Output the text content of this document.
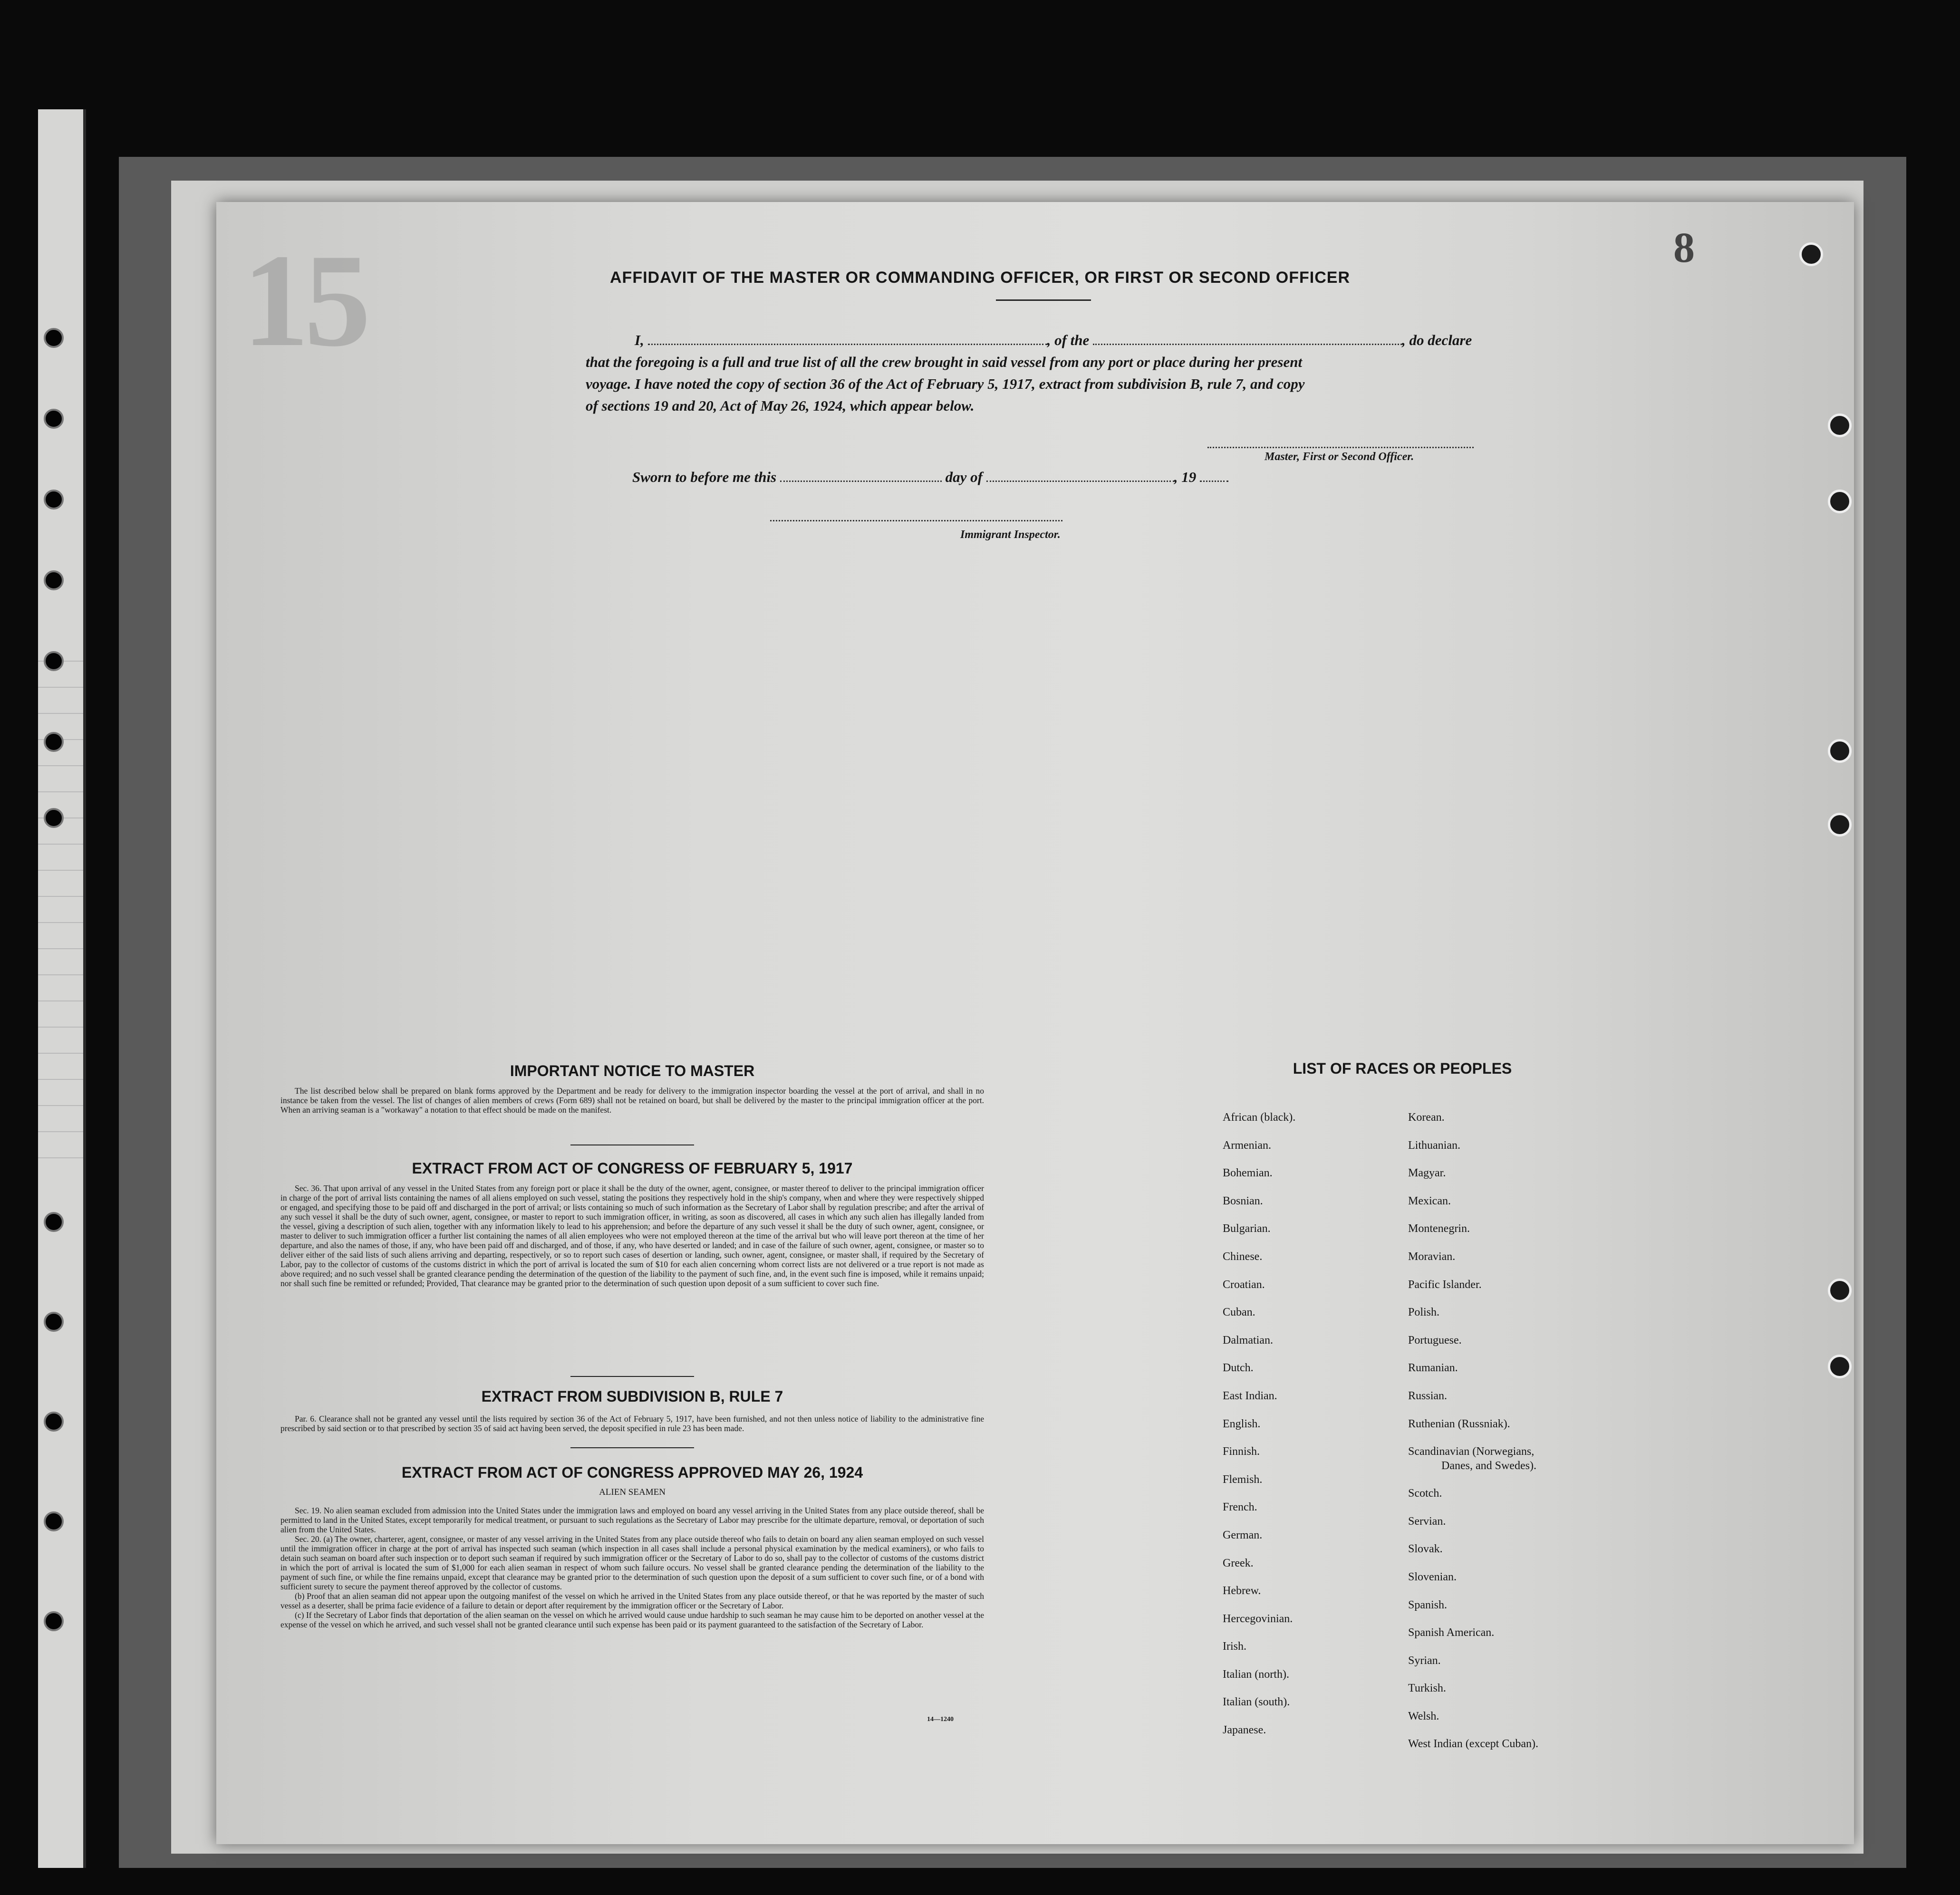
15	8
AFFIDAVIT OF THE MASTER OR COMMANDING OFFICER, OR FIRST OR SECOND OFFICER
I,	, of the	, do declare
that the foregoing is a full and true list of all the crew brought in said vessel from any port or place during her present
voyage. I have noted the copy of section 36 of the Act of February 5, 1917, extract from subdivision B, rule 7, and copy
of sections 19 and 20, Act of May 26, 1924, which appear below.
Master, First or Second Officer.
Sworn to before me this	day of	, 19
Immigrant Inspector.
IMPORTANT NOTICE TO MASTER

The list described below shall be prepared on blank forms approved by the Department and be ready for delivery to the immigration inspector boarding the vessel at the port of arrival, and shall in no instance be taken from the vessel. The list of changes of alien members of crews (Form 689) shall not be retained on board, but shall be delivered by the master to the principal immigration officer at the port. When an arriving seaman is a "workaway" a notation to that effect should be made on the manifest.

EXTRACT FROM ACT OF CONGRESS OF FEBRUARY 5, 1917

Sec. 36. That upon arrival of any vessel in the United States from any foreign port or place it shall be the duty of the owner, agent, consignee, or master thereof to deliver to the principal immigration officer in charge of the port of arrival lists containing the names of all aliens employed on such vessel, stating the positions they respectively hold in the ship's company, when and where they were respectively shipped or engaged, and specifying those to be paid off and discharged in the port of arrival; or lists containing so much of such information as the Secretary of Labor shall by regulation prescribe; and after the arrival of any such vessel it shall be the duty of such owner, agent, consignee, or master to report to such immigration officer, in writing, as soon as discovered, all cases in which any such alien has illegally landed from the vessel, giving a description of such alien, together with any information likely to lead to his apprehension; and before the departure of any such vessel it shall be the duty of such owner, agent, consignee, or master to deliver to such immigration officer a further list containing the names of all alien employees who were not employed thereon at the time of the arrival but who will leave port thereon at the time of her departure, and also the names of those, if any, who have been paid off and discharged, and of those, if any, who have deserted or landed; and in case of the failure of such owner, agent, consignee, or master so to deliver either of the said lists of such aliens arriving and departing, respectively, or so to report such cases of desertion or landing, such owner, agent, consignee, or master shall, if required by the Secretary of Labor, pay to the collector of customs of the customs district in which the port of arrival is located the sum of $10 for each alien concerning whom correct lists are not delivered or a true report is not made as above required; and no such vessel shall be granted clearance pending the determination of the question of the liability to the payment of such fine, and, in the event such fine is imposed, while it remains unpaid; nor shall such fine be remitted or refunded; Provided, That clearance may be granted prior to the determination of such question upon deposit of a sum sufficient to cover such fine.

EXTRACT FROM SUBDIVISION B, RULE 7

Par. 6. Clearance shall not be granted any vessel until the lists required by section 36 of the Act of February 5, 1917, have been furnished, and not then unless notice of liability to the administrative fine prescribed by said section or to that prescribed by section 35 of said act having been served, the deposit specified in rule 23 has been made.

EXTRACT FROM ACT OF CONGRESS APPROVED MAY 26, 1924
ALIEN SEAMEN

Sec. 19. No alien seaman excluded from admission into the United States under the immigration laws and employed on board any vessel arriving in the United States from any place outside thereof, shall be permitted to land in the United States, except temporarily for medical treatment, or pursuant to such regulations as the Secretary of Labor may prescribe for the ultimate departure, removal, or deportation of such alien from the United States.

Sec. 20. (a) The owner, charterer, agent, consignee, or master of any vessel arriving in the United States from any place outside thereof who fails to detain on board any alien seaman employed on such vessel until the immigration officer in charge at the port of arrival has inspected such seaman (which inspection in all cases shall include a personal physical examination by the medical examiners), or who fails to detain such seaman on board after such inspection or to deport such seaman if required by such immigration officer or the Secretary of Labor to do so, shall pay to the collector of customs of the customs district in which the port of arrival is located the sum of $1,000 for each alien seaman in respect of whom such failure occurs. No vessel shall be granted clearance pending the determination of the liability to the payment of such fine, or while the fine remains unpaid, except that clearance may be granted prior to the determination of such question upon the deposit of a sum sufficient to cover such fine, or of a bond with sufficient surety to secure the payment thereof approved by the collector of customs.

(b) Proof that an alien seaman did not appear upon the outgoing manifest of the vessel on which he arrived in the United States from any place outside thereof, or that he was reported by the master of such vessel as a deserter, shall be prima facie evidence of a failure to detain or deport after requirement by the immigration officer or the Secretary of Labor.

(c) If the Secretary of Labor finds that deportation of the alien seaman on the vessel on which he arrived would cause undue hardship to such seaman he may cause him to be deported on another vessel at the expense of the vessel on which he arrived, and such vessel shall not be granted clearance until such expense has been paid or its payment guaranteed to the satisfaction of the Secretary of Labor.

14—1240
LIST OF RACES OR PEOPLES
African (black).
Armenian.
Bohemian.
Bosnian.
Bulgarian.
Chinese.
Croatian.
Cuban.
Dalmatian.
Dutch.
East Indian.
English.
Finnish.
Flemish.
French.
German.
Greek.
Hebrew.
Hercegovinian.
Irish.
Italian (north).
Italian (south).
Japanese.
Korean.
Lithuanian.
Magyar.
Mexican.
Montenegrin.
Moravian.
Pacific Islander.
Polish.
Portuguese.
Rumanian.
Russian.
Ruthenian (Russniak).
Scandinavian (Norwegians,
Danes, and Swedes).
Scotch.
Servian.
Slovak.
Slovenian.
Spanish.
Spanish American.
Syrian.
Turkish.
Welsh.
West Indian (except Cuban).
